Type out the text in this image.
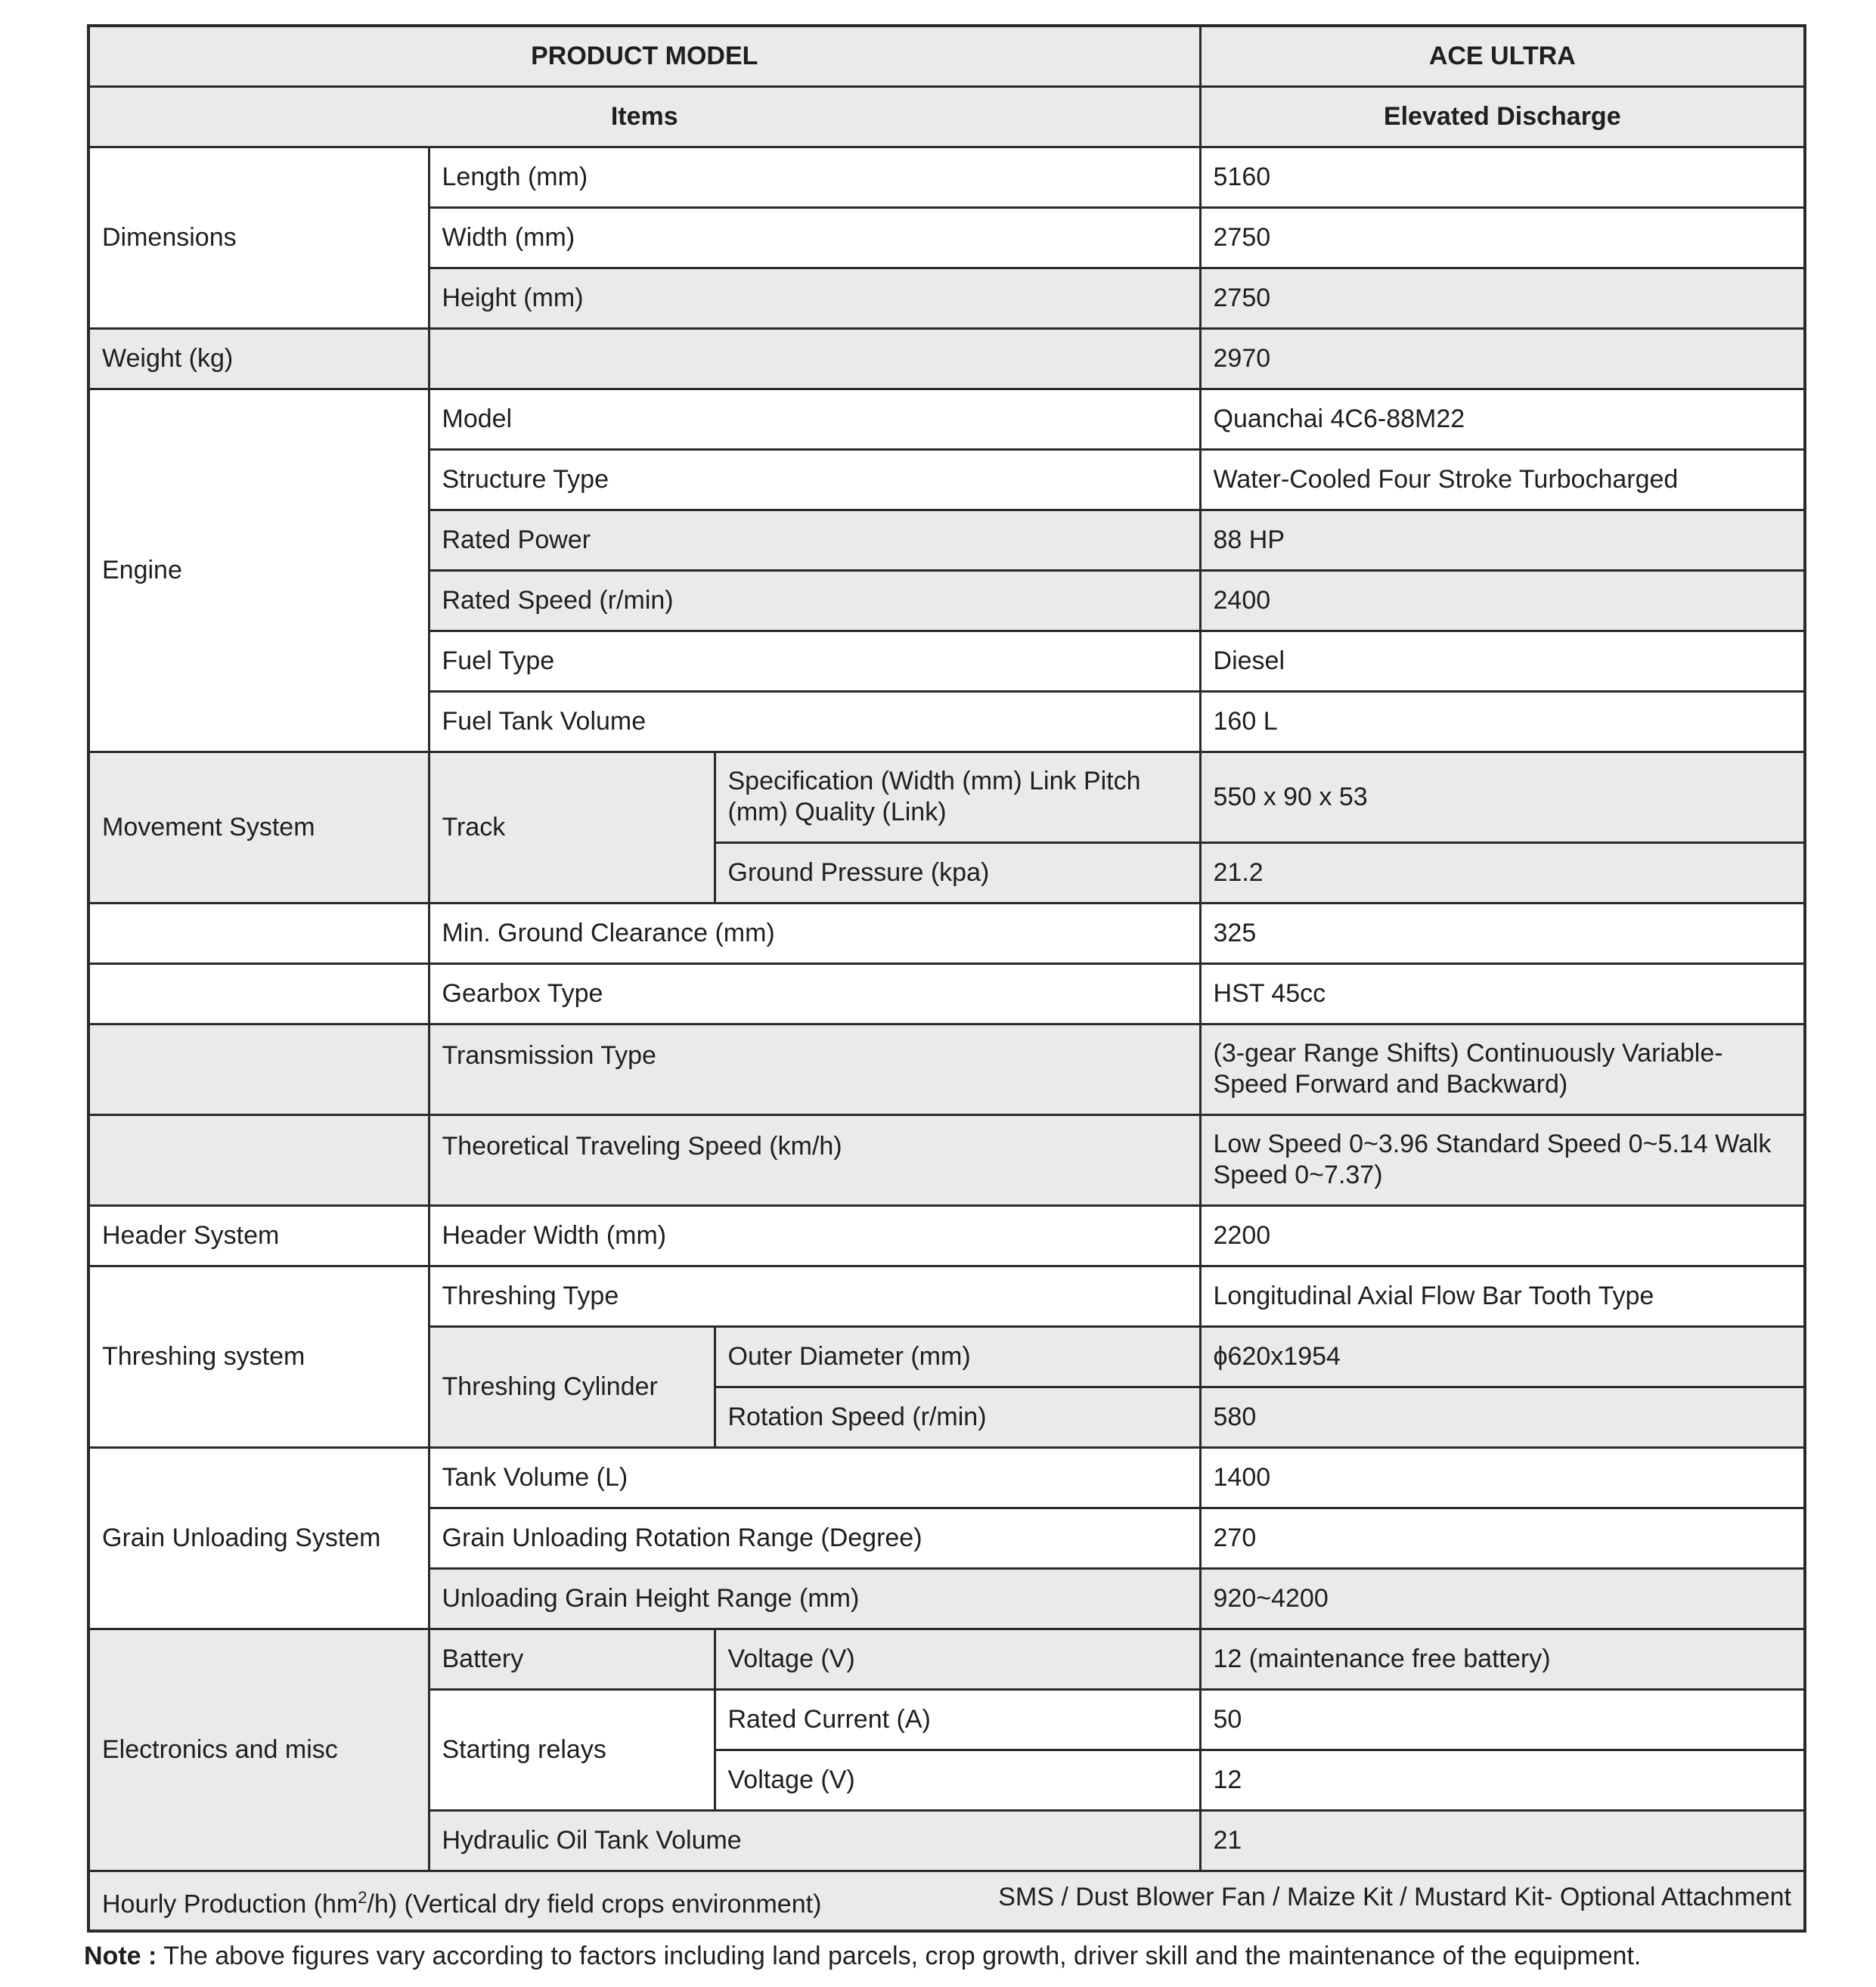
PRODUCT MODEL			ACE ULTRA
Items			Elevated Discharge
Dimensions	Length (mm)		5160
	Width (mm)		2750
	Height (mm)		2750
Weight (kg)			2970
Engine	Model		Quanchai 4C6-88M22
	Structure Type		Water-Cooled Four Stroke Turbocharged
	Rated Power		88 HP
	Rated Speed (r/min)		2400
	Fuel Type		Diesel
	Fuel Tank Volume		160 L
Movement System	Track	Specification (Width (mm) Link Pitch (mm) Quality (Link)	550 x 90 x 53
		Ground Pressure (kpa)	21.2
	Min. Ground Clearance (mm)		325
	Gearbox Type		HST 45cc
	Transmission Type		(3-gear Range Shifts) Continuously Variable-Speed Forward and Backward)
	Theoretical Traveling Speed (km/h)		Low Speed 0~3.96 Standard Speed 0~5.14 Walk Speed 0~7.37)
Header System	Header Width (mm)		2200
Threshing system	Threshing Type		Longitudinal Axial Flow Bar Tooth Type
	Threshing Cylinder	Outer Diameter (mm)	ϕ620x1954
		Rotation Speed (r/min)	580
Grain Unloading System	Tank Volume (L)		1400
	Grain Unloading Rotation Range (Degree)		270
	Unloading Grain Height Range (mm)		920~4200
Electronics and misc	Battery	Voltage (V)	12 (maintenance free battery)
	Starting relays	Rated Current (A)	50
		Voltage (V)	12
	Hydraulic Oil Tank Volume		21

Hourly Production $(hm^2/h)$ (Vertical dry field crops environment) SMS / Dust Blower Fan / Maize Kit / Mustard Kit- Optional Attachment			
Note : The above figures vary according to factors including land parcels, crop growth, driver skill and the maintenance of the equipment.
